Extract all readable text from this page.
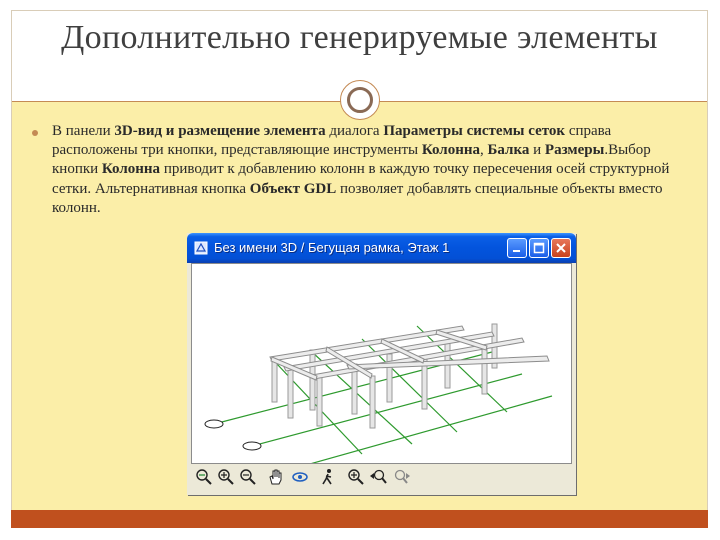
Дополнительно генерируемые элементы
В панели 3D-вид и размещение элемента диалога Параметры системы сеток справа расположены три кнопки, представляющие инструменты Колонна, Балка и Размеры.Выбор кнопки Колонна приводит к добавлению колонн в каждую точку пересечения осей структурной сетки. Альтернативная кнопка Объект GDL позволяет добавлять специальные объекты вместо колонн.
Без имени 3D / Бегущая рамка, Этаж 1
